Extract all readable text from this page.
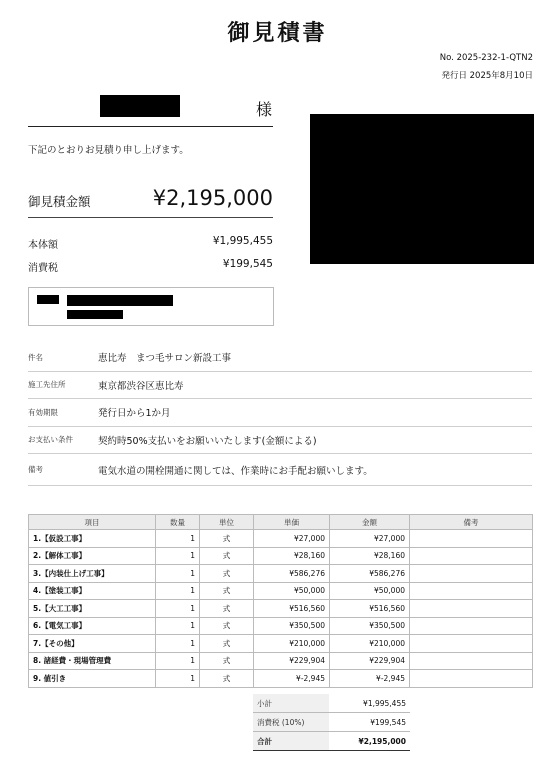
御見積書
No. 2025-232-1-QTN2
発行日 2025年8月10日
様
下記のとおりお見積り申し上げます。
御見積金額	¥2,195,000
本体額	¥1,995,455
消費税	¥199,545
件名	恵比寿　まつ毛サロン新設工事
施工先住所	東京都渋谷区恵比寿
有効期限	発行日から1か月
お支払い条件	契約時50%支払いをお願いいたします(金額による)
備考	電気水道の開栓開通に関しては、作業時にお手配お願いします。
項目	数量	単位	単価	金額	備考
1.【仮設工事】	1	式	¥27,000	¥27,000	
2.【解体工事】	1	式	¥28,160	¥28,160	
3.【内装仕上げ工事】	1	式	¥586,276	¥586,276	
4.【塗装工事】	1	式	¥50,000	¥50,000	
5.【大工工事】	1	式	¥516,560	¥516,560	
6.【電気工事】	1	式	¥350,500	¥350,500	
7.【その他】	1	式	¥210,000	¥210,000	
8. 諸経費・現場管理費	1	式	¥229,904	¥229,904	
9. 値引き	1	式	¥-2,945	¥-2,945	
小計	¥1,995,455
消費税 (10%)	¥199,545
合計	¥2,195,000
